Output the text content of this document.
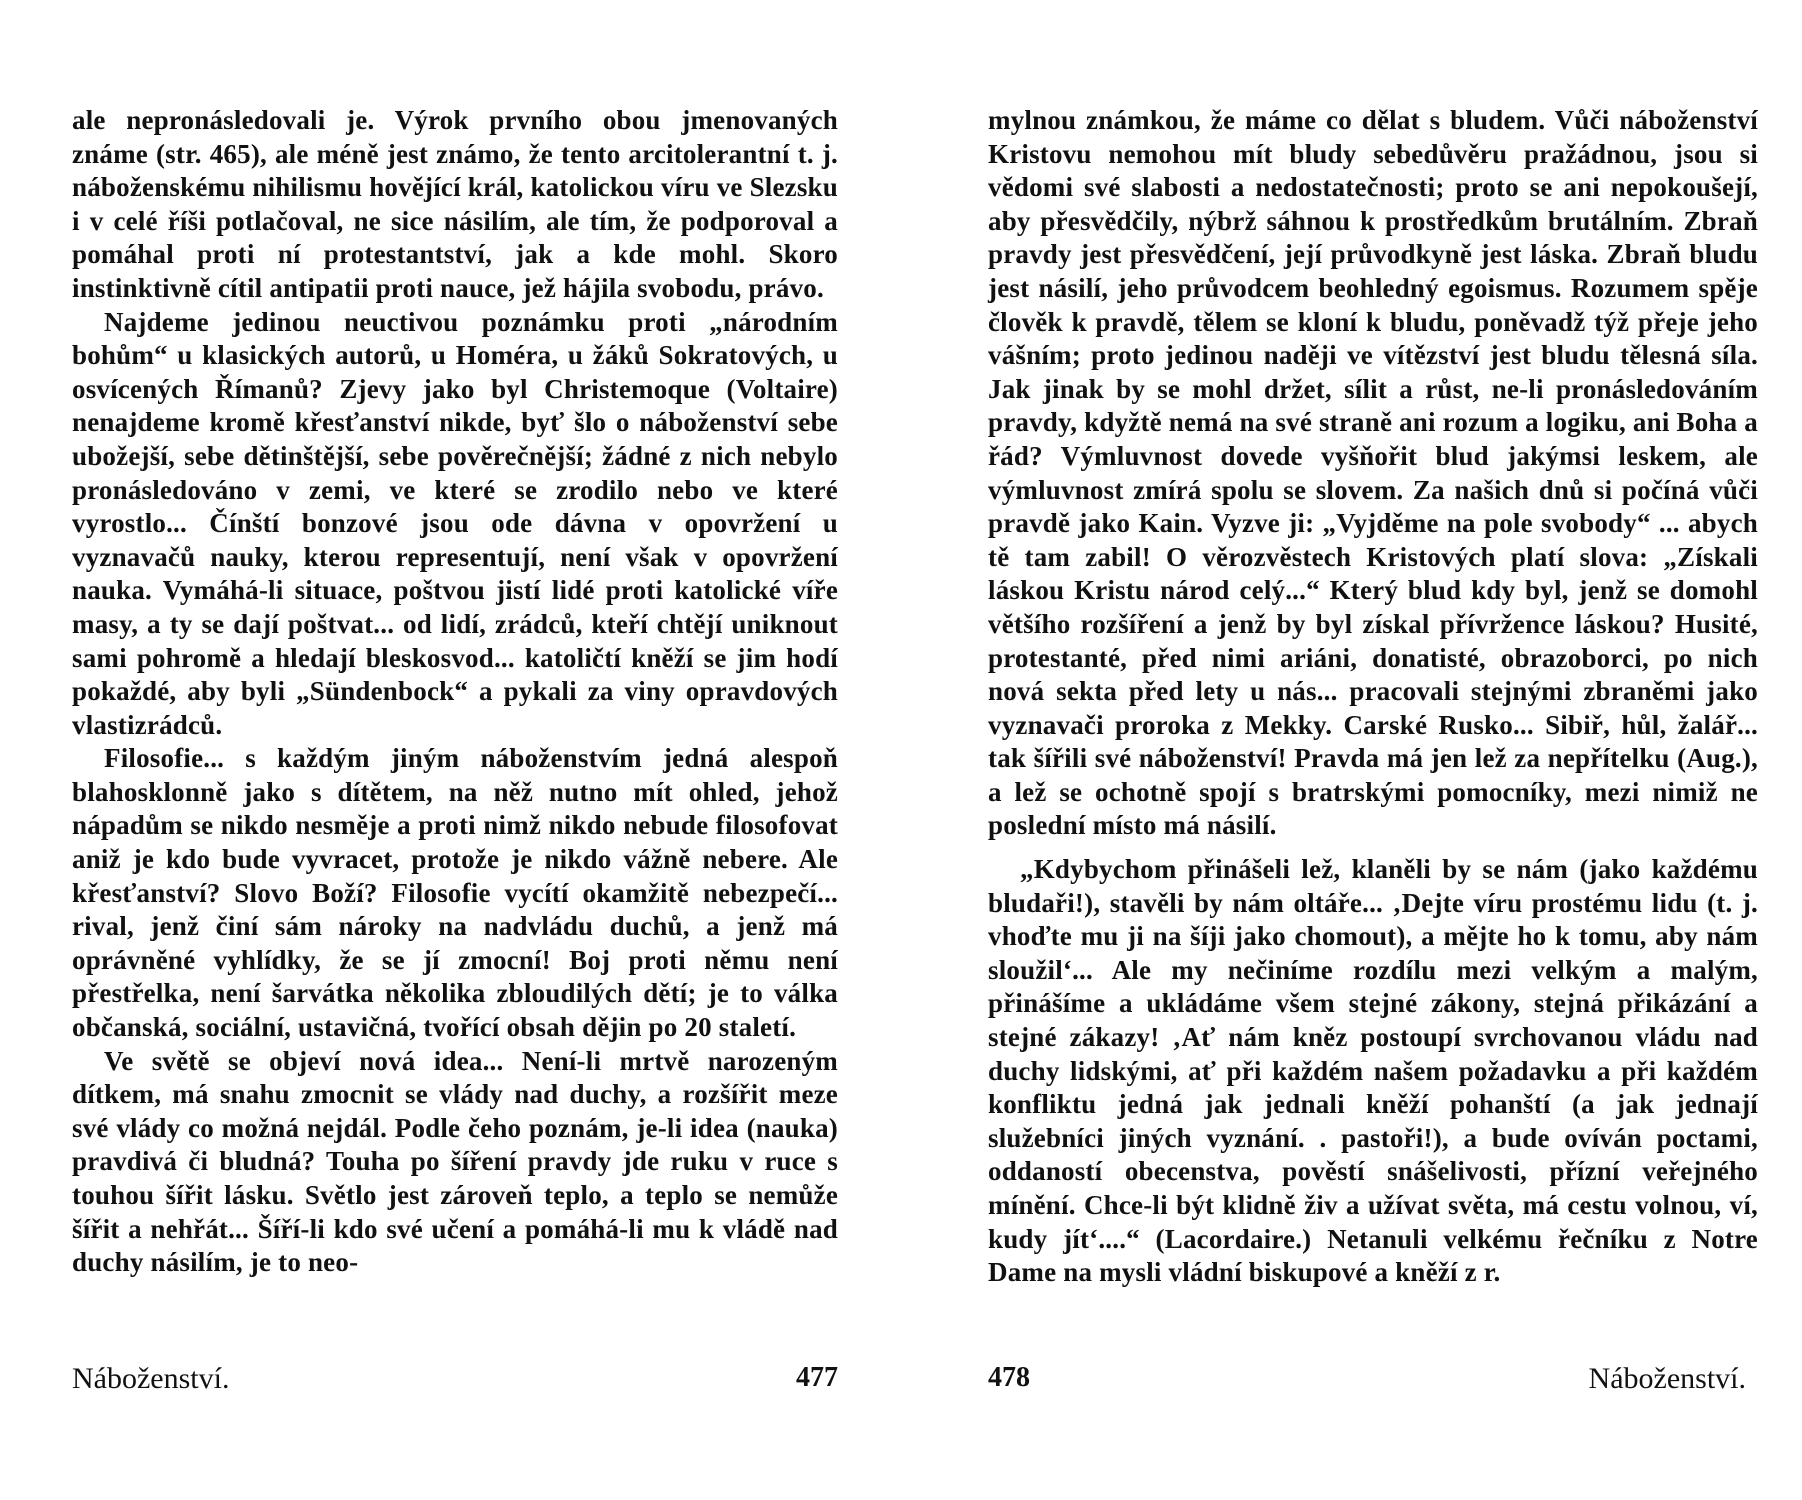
ale nepronásledovali je. Výrok prvního obou jmenovaných známe (str. 465), ale méně jest známo, že tento arcitolerantní t. j. náboženskému nihilismu hovějící král, katolickou víru ve Slezsku i v celé říši potlačoval, ne sice násilím, ale tím, že podporoval a pomáhal proti ní protestantství, jak a kde mohl. Skoro instinktivně cítil antipatii proti nauce, jež hájila svobodu, právo.

Najdeme jedinou neuctivou poznámku proti „národním bohům“ u klasických autorů, u Homéra, u žáků Sokratových, u osvícených Římanů? Zjevy jako byl Christemoque (Voltaire) nenajdeme kromě křesťanství nikde, byť šlo o náboženství sebe ubožejší, sebe dětinštější, sebe pověrečnější; žádné z nich nebylo pronásledováno v zemi, ve které se zrodilo nebo ve které vyrostlo... Čínští bonzové jsou ode dávna v opovržení u vyznavačů nauky, kterou representují, není však v opovržení nauka. Vymáhá-li situace, poštvou jistí lidé proti katolické víře masy, a ty se dají poštvat... od lidí, zrádců, kteří chtějí uniknout sami pohromě a hledají bleskosvod... katoličtí kněží se jim hodí pokaždé, aby byli „Sündenbock“ a pykali za viny opravdových vlastizrádců.

Filosofie... s každým jiným náboženstvím jedná alespoň blahosklonně jako s dítětem, na něž nutno mít ohled, jehož nápadům se nikdo nesměje a proti nimž nikdo nebude filosofovat aniž je kdo bude vyvracet, protože je nikdo vážně nebere. Ale křesťanství? Slovo Boží? Filosofie vycítí okamžitě nebezpečí... rival, jenž činí sám nároky na nadvládu duchů, a jenž má oprávněné vyhlídky, že se jí zmocní! Boj proti němu není přestřelka, není šarvátka několika zbloudilých dětí; je to válka občanská, sociální, ustavičná, tvořící obsah dějin po 20 staletí.

Ve světě se objeví nová idea... Není-li mrtvě narozeným dítkem, má snahu zmocnit se vlády nad duchy, a rozšířit meze své vlády co možná nejdál. Podle čeho poznám, je-li idea (nauka) pravdivá či bludná? Touha po šíření pravdy jde ruku v ruce s touhou šířit lásku. Světlo jest zároveň teplo, a teplo se nemůže šířit a nehřát... Šíří-li kdo své učení a pomáhá-li mu k vládě nad duchy násilím, je to neo-

Náboženství.	477

mylnou známkou, že máme co dělat s bludem. Vůči náboženství Kristovu nemohou mít bludy sebedůvěru pražádnou, jsou si vědomi své slabosti a nedostatečnosti; proto se ani nepokoušejí, aby přesvědčily, nýbrž sáhnou k prostředkům brutálním. Zbraň pravdy jest přesvědčení, její průvodkyně jest láska. Zbraň bludu jest násilí, jeho průvodcem beohledný egoismus. Rozumem spěje člověk k pravdě, tělem se kloní k bludu, poněvadž týž přeje jeho vášním; proto jedinou naději ve vítězství jest bludu tělesná síla. Jak jinak by se mohl držet, sílit a růst, ne-li pronásledováním pravdy, kdyžtě nemá na své straně ani rozum a logiku, ani Boha a řád? Výmluvnost dovede vyšňořit blud jakýmsi leskem, ale výmluvnost zmírá spolu se slovem. Za našich dnů si počíná vůči pravdě jako Kain. Vyzve ji: „Vyjděme na pole svobody“ ... abych tě tam zabil! O věrozvěstech Kristových platí slova: „Získali láskou Kristu národ celý...“ Který blud kdy byl, jenž se domohl většího rozšíření a jenž by byl získal přívržence láskou? Husité, protestanté, před nimi ariáni, donatisté, obrazoborci, po nich nová sekta před lety u nás... pracovali stejnými zbraněmi jako vyznavači proroka z Mekky. Carské Rusko... Sibiř, hůl, žalář... tak šířili své náboženství! Pravda má jen lež za nepřítelku (Aug.), a lež se ochotně spojí s bratrskými pomocníky, mezi nimiž ne poslední místo má násilí.

„Kdybychom přinášeli lež, klaněli by se nám (jako každému bludaři!), stavěli by nám oltáře... ‚Dejte víru prostému lidu (t. j. vhoďte mu ji na šíji jako chomout), a mějte ho k tomu, aby nám sloužil‘... Ale my nečiníme rozdílu mezi velkým a malým, přinášíme a ukládáme všem stejné zákony, stejná přikázání a stejné zákazy! ‚Ať nám kněz postoupí svrchovanou vládu nad duchy lidskými, ať při každém našem požadavku a při každém konfliktu jedná jak jednali kněží pohanští (a jak jednají služebníci jiných vyznání. . pastoři!), a bude ovíván poctami, oddaností obecenstva, pověstí snášelivosti, přízní veřejného mínění. Chce-li být klidně živ a užívat světa, má cestu volnou, ví, kudy jít‘....“ (Lacordaire.) Netanuli velkému řečníku z Notre Dame na mysli vládní biskupové a kněží z r.

478	Náboženství.
